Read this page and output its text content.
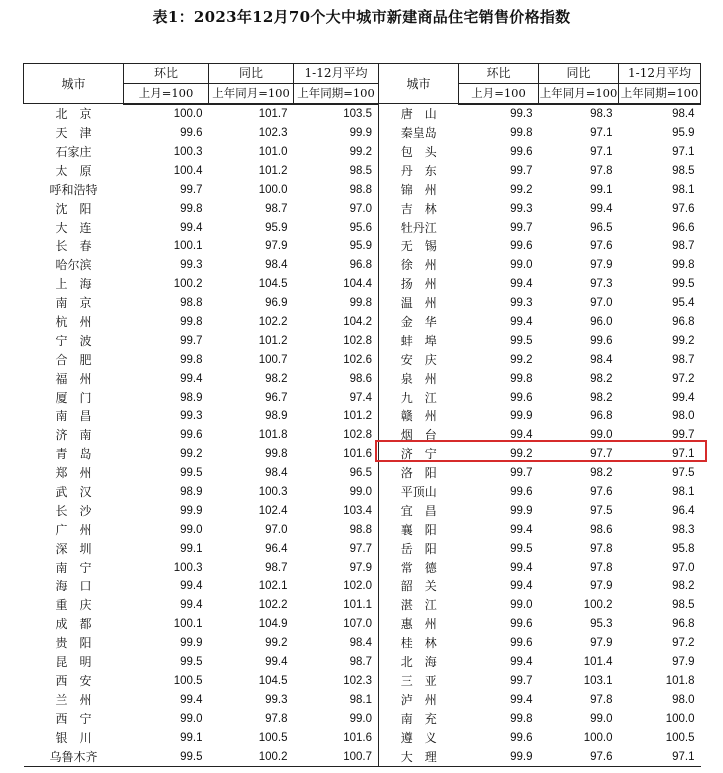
表1：2023年12月70个大中城市新建商品住宅销售价格指数
城市	环比	同比	1-12月平均	城市	环比	同比	1-12月平均
	上月=100	上年同月=100	上年同期=100		上月=100	上年同月=100	上年同期=100
北　京	100.0	101.7	103.5	唐　山	99.3	98.3	98.4
天　津	99.6	102.3	99.9	秦皇岛	99.8	97.1	95.9
石家庄	100.3	101.0	99.2	包　头	99.6	97.1	97.1
太　原	100.4	101.2	98.5	丹　东	99.7	97.8	98.5
呼和浩特	99.7	100.0	98.8	锦　州	99.2	99.1	98.1
沈　阳	99.8	98.7	97.0	吉　林	99.3	99.4	97.6
大　连	99.4	95.9	95.6	牡丹江	99.7	96.5	96.6
长　春	100.1	97.9	95.9	无　锡	99.6	97.6	98.7
哈尔滨	99.3	98.4	96.8	徐　州	99.0	97.9	99.8
上　海	100.2	104.5	104.4	扬　州	99.4	97.3	99.5
南　京	98.8	96.9	99.8	温　州	99.3	97.0	95.4
杭　州	99.8	102.2	104.2	金　华	99.4	96.0	96.8
宁　波	99.7	101.2	102.8	蚌　埠	99.5	99.6	99.2
合　肥	99.8	100.7	102.6	安　庆	99.2	98.4	98.7
福　州	99.4	98.2	98.6	泉　州	99.8	98.2	97.2
厦　门	98.9	96.7	97.4	九　江	99.6	98.2	99.4
南　昌	99.3	98.9	101.2	赣　州	99.9	96.8	98.0
济　南	99.6	101.8	102.8	烟　台	99.4	99.0	99.7
青　岛	99.2	99.8	101.6	济　宁	99.2	97.7	97.1
郑　州	99.5	98.4	96.5	洛　阳	99.7	98.2	97.5
武　汉	98.9	100.3	99.0	平顶山	99.6	97.6	98.1
长　沙	99.9	102.4	103.4	宜　昌	99.9	97.5	96.4
广　州	99.0	97.0	98.8	襄　阳	99.4	98.6	98.3
深　圳	99.1	96.4	97.7	岳　阳	99.5	97.8	95.8
南　宁	100.3	98.7	97.9	常　德	99.4	97.8	97.0
海　口	99.4	102.1	102.0	韶　关	99.4	97.9	98.2
重　庆	99.4	102.2	101.1	湛　江	99.0	100.2	98.5
成　都	100.1	104.9	107.0	惠　州	99.6	95.3	96.8
贵　阳	99.9	99.2	98.4	桂　林	99.6	97.9	97.2
昆　明	99.5	99.4	98.7	北　海	99.4	101.4	97.9
西　安	100.5	104.5	102.3	三　亚	99.7	103.1	101.8
兰　州	99.4	99.3	98.1	泸　州	99.4	97.8	98.0
西　宁	99.0	97.8	99.0	南　充	99.8	99.0	100.0
银　川	99.1	100.5	101.6	遵　义	99.6	100.0	100.5
乌鲁木齐	99.5	100.2	100.7	大　理	99.9	97.6	97.1
